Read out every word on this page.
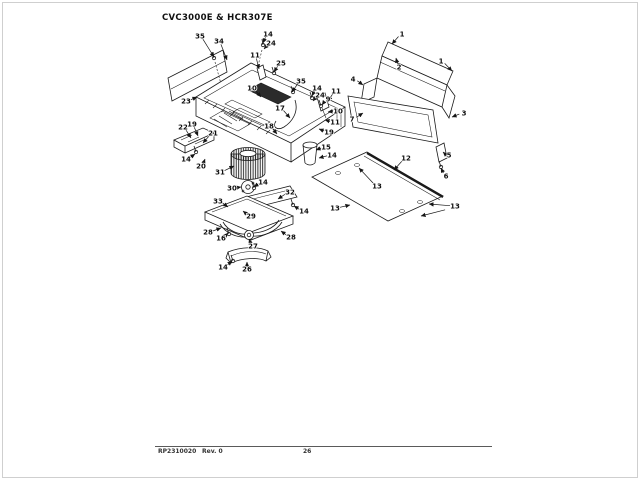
CVC3000E & HCR307E
35
34
14
24
11
25
35
10
23
17
14
24 11
9
10
11
19
18
15
14
22 19
21
14
20
31
30
14
32
33
29
14
28
16
27
28
14 26
1
1
2
4
3
7
5
6
12
13
13	13
RP2310020 Rev. 0	26
